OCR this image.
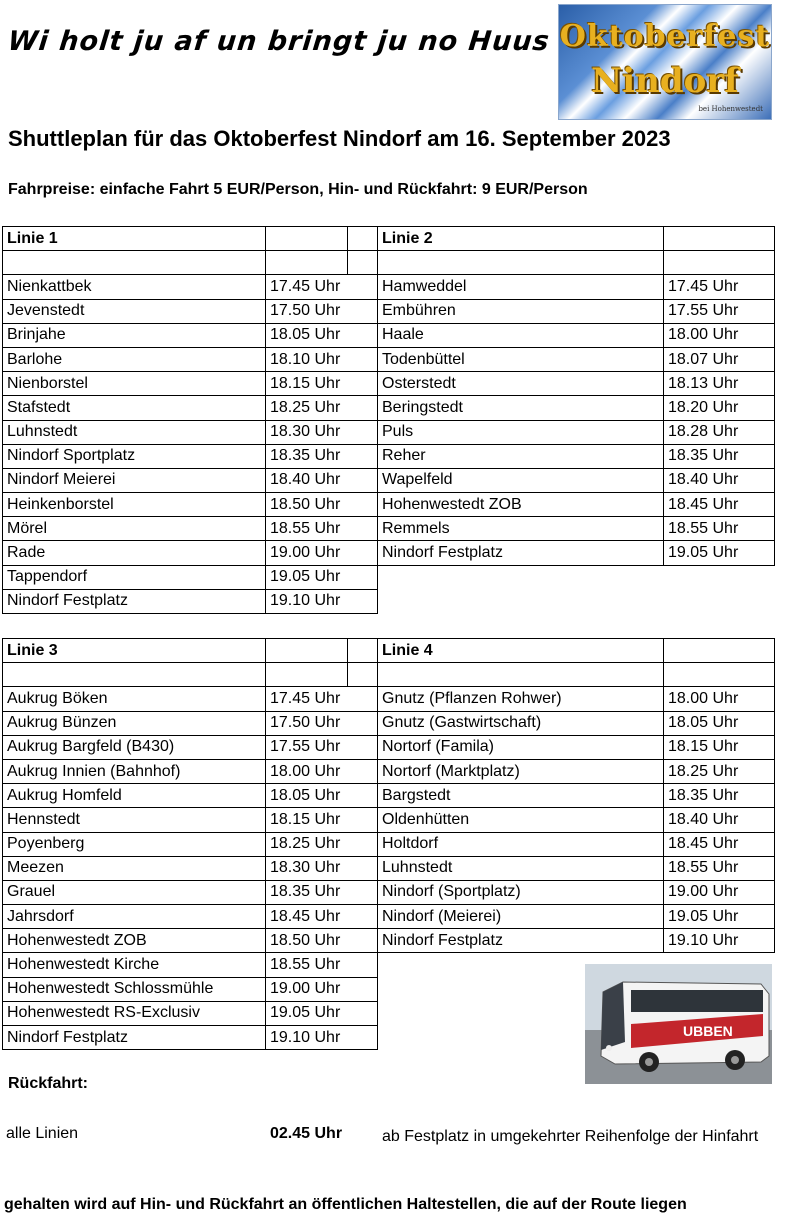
Wi holt ju af un bringt ju no Huus Oktoberfest
Nindorf
bei Hohenwestedt
Shuttleplan für das Oktoberfest Nindorf am 16. September 2023
Fahrpreise: einfache Fahrt 5 EUR/Person, Hin- und Rückfahrt: 9 EUR/Person
Linie 1			Linie 2	

Nienkattbek	17.45 Uhr		Hamweddel	17.45 Uhr
Jevenstedt	17.50 Uhr		Embühren	17.55 Uhr
Brinjahe	18.05 Uhr		Haale	18.00 Uhr
Barlohe	18.10 Uhr		Todenbüttel	18.07 Uhr
Nienborstel	18.15 Uhr		Osterstedt	18.13 Uhr
Stafstedt	18.25 Uhr		Beringstedt	18.20 Uhr
Luhnstedt	18.30 Uhr		Puls	18.28 Uhr
Nindorf Sportplatz	18.35 Uhr		Reher	18.35 Uhr
Nindorf Meierei	18.40 Uhr		Wapelfeld	18.40 Uhr
Heinkenborstel	18.50 Uhr		Hohenwestedt ZOB	18.45 Uhr
Mörel	18.55 Uhr		Remmels	18.55 Uhr
Rade	19.00 Uhr		Nindorf Festplatz	19.05 Uhr
Tappendorf	19.05 Uhr			
Nindorf Festplatz	19.10 Uhr			
Linie 3			Linie 4	

Aukrug Böken	17.45 Uhr		Gnutz (Pflanzen Rohwer)	18.00 Uhr
Aukrug Bünzen	17.50 Uhr		Gnutz (Gastwirtschaft)	18.05 Uhr
Aukrug Bargfeld (B430)	17.55 Uhr		Nortorf (Famila)	18.15 Uhr
Aukrug Innien (Bahnhof)	18.00 Uhr		Nortorf (Marktplatz)	18.25 Uhr
Aukrug Homfeld	18.05 Uhr		Bargstedt	18.35 Uhr
Hennstedt	18.15 Uhr		Oldenhütten	18.40 Uhr
Poyenberg	18.25 Uhr		Holtdorf	18.45 Uhr
Meezen	18.30 Uhr		Luhnstedt	18.55 Uhr
Grauel	18.35 Uhr		Nindorf (Sportplatz)	19.00 Uhr
Jahrsdorf	18.45 Uhr		Nindorf (Meierei)	19.05 Uhr
Hohenwestedt ZOB	18.50 Uhr		Nindorf Festplatz	19.10 Uhr
Hohenwestedt Kirche	18.55 Uhr			
Hohenwestedt Schlossmühle	19.00 Uhr			
Hohenwestedt RS-Exclusiv	19.05 Uhr			
Nindorf Festplatz	19.10 Uhr				UBBEN
Rückfahrt:
alle Linien	02.45 Uhr ab Festplatz in umgekehrter Reihenfolge der Hinfahrt
gehalten wird auf Hin- und Rückfahrt an öffentlichen Haltestellen, die auf der Route liegen
